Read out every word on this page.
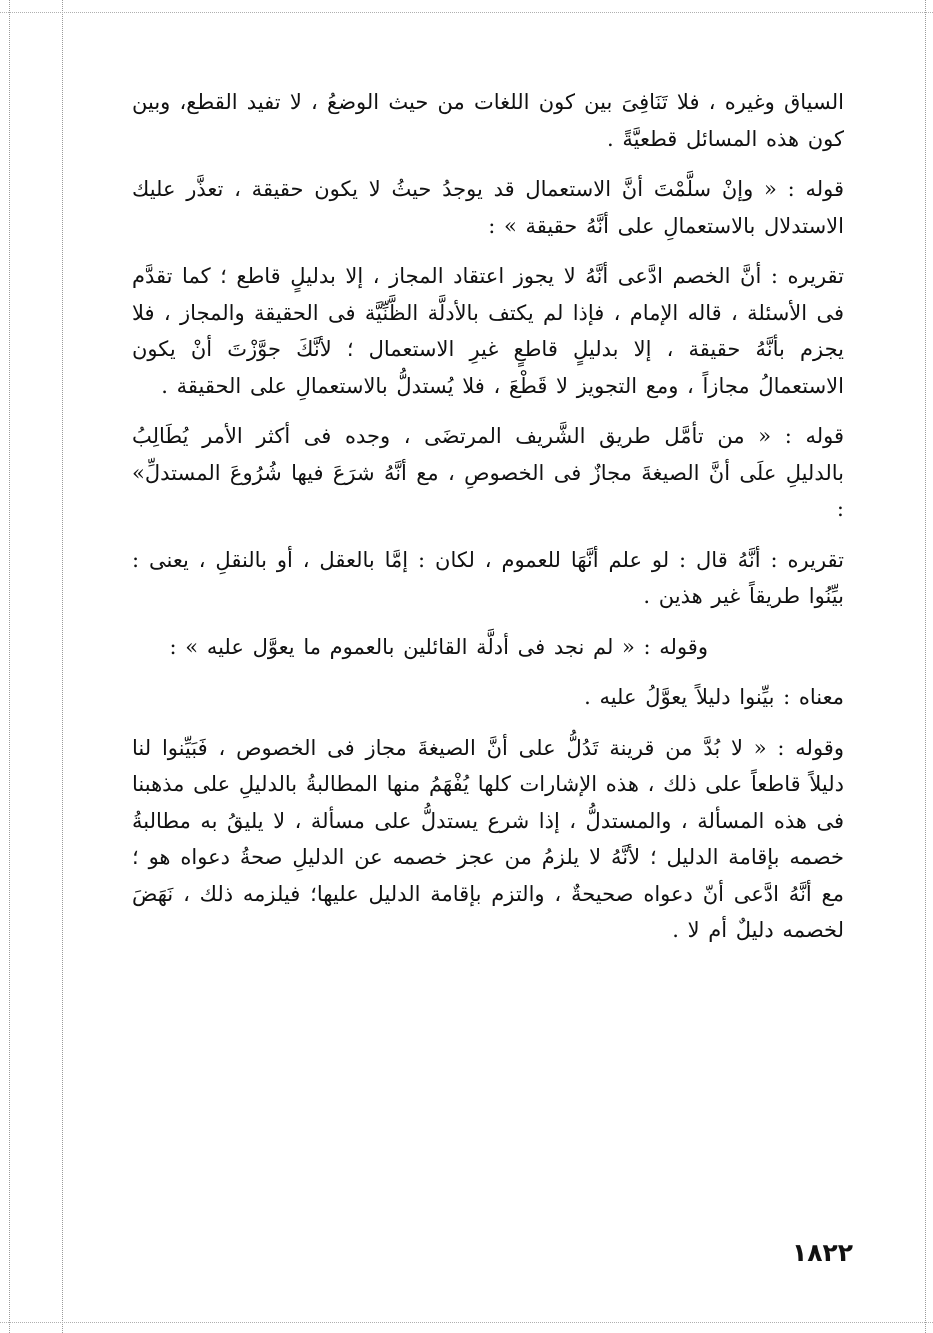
السياق وغيره ، فلا تَنَافِىَ بين كون اللغات من حيث الوضعُ ، لا تفيد القطع، وبين كون هذه المسائل قطعيَّةً .

قوله : « وإنْ سلَّمْتَ أنَّ الاستعمال قد يوجدُ حيثُ لا يكون حقيقة ، تعذَّر عليك الاستدلال بالاستعمالِ على أنَّهُ حقيقة » :

تقريره : أنَّ الخصم ادَّعى أنَّهُ لا يجوز اعتقاد المجاز ، إلا بدليلٍ قاطع ؛ كما تقدَّم فى الأسئلة ، قاله الإمام ، فإذا لم يكتف بالأدلَّة الظَّنِّيَّة فى الحقيقة والمجاز ، فلا يجزم بأنَّهُ حقيقة ، إلا بدليلٍ قاطعٍ غيرِ الاستعمال ؛ لأنَّكَ جوَّزْتَ أنْ يكون الاستعمالُ مجازاً ، ومع التجويز لا قَطْعَ ، فلا يُستدلُّ بالاستعمالِ على الحقيقة .

قوله : « من تأمَّل طريق الشَّريف المرتضَى ، وجده فى أكثر الأمر يُطَالِبُ بالدليلِ علَى أنَّ الصيغةَ مجازٌ فى الخصوصِ ، مع أنَّهُ شرَعَ فيها شُرُوعَ المستدلِّ» :

تقريره : أنَّهُ قال : لو علم أنَّهَا للعموم ، لكان : إمَّا بالعقل ، أو بالنقلِ ، يعنى : بيِّنُوا طريقاً غير هذين .

وقوله : « لم نجد فى أدلَّة القائلين بالعموم ما يعوَّل عليه » :

معناه : بيِّنوا دليلاً يعوَّلُ عليه .

وقوله : « لا بُدَّ من قرينة تَدُلُّ على أنَّ الصيغةَ مجاز فى الخصوص ، فَبَيِّنوا لنا دليلاً قاطعاً على ذلك ، هذه الإشارات كلها يُفْهَمُ منها المطالبةُ بالدليلِ على مذهبنا فى هذه المسألة ، والمستدلُّ ، إذا شرع يستدلُّ على مسألة ، لا يليقُ به مطالبةُ خصمه بإقامة الدليل ؛ لأنَّهُ لا يلزمُ من عجز خصمه عن الدليلِ صحةُ دعواه هو ؛ مع أنَّهُ ادَّعى أنّ دعواه صحيحةٌ ، والتزم بإقامة الدليل عليها؛ فيلزمه ذلك ، نَهَضَ لخصمه دليلٌ أم لا .

١٨٢٢
